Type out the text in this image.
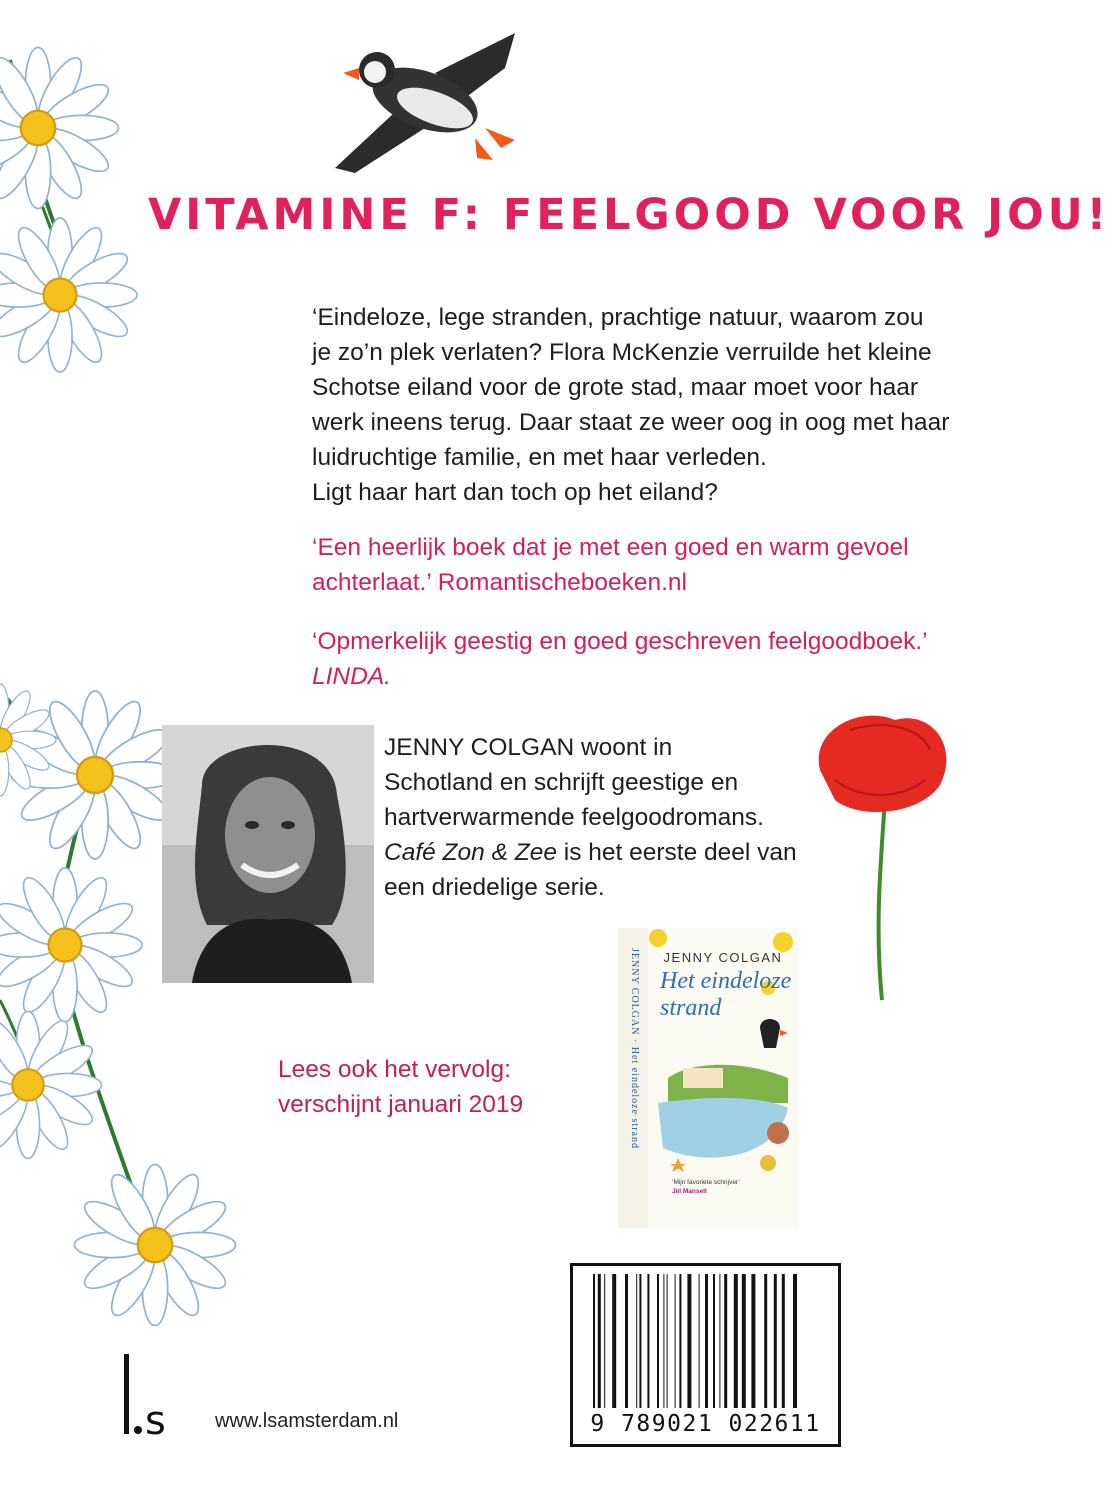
VITAMINE F: FEELGOOD VOOR JOU!
‘Eindeloze, lege stranden, prachtige natuur, waarom zou
je zo’n plek verlaten? Flora McKenzie verruilde het kleine
Schotse eiland voor de grote stad, maar moet voor haar
werk ineens terug. Daar staat ze weer oog in oog met haar
luidruchtige familie, en met haar verleden.
Ligt haar hart dan toch op het eiland?
‘Een heerlijk boek dat je met een goed en warm gevoel
achterlaat.’ Romantischeboeken.nl
‘Opmerkelijk geestig en goed geschreven feelgoodboek.’
LINDA.
JENNY COLGAN woont in
Schotland en schrijft geestige en
hartverwarmende feelgoodromans.
Café Zon & Zee is het eerste deel van
een driedelige serie.
Lees ook het vervolg:
verschijnt januari 2019	JENNY COLGAN · Het eindeloze strand	JENNY COLGAN
Het eindeloze strand
‘Mijn favoriete schrijver’
Jill Mansell
9 789021 022611
s www.lsamsterdam.nl
